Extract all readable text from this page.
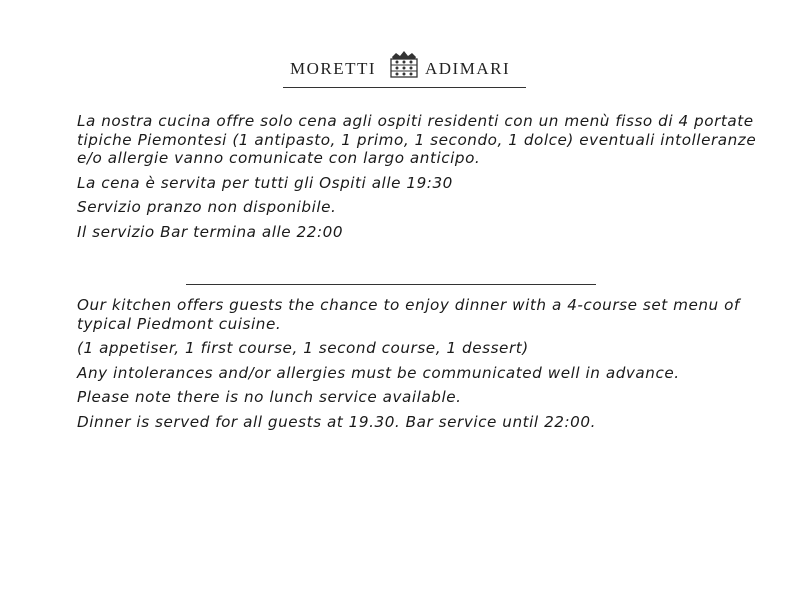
MORETTI	ADIMARI

La nostra cucina offre solo cena agli ospiti residenti con un menù fisso di 4 portate tipiche Piemontesi (1 antipasto, 1 primo, 1 secondo, 1 dolce) eventuali intolleranze e/o allergie vanno comunicate con largo anticipo.

La cena è servita per tutti gli Ospiti alle 19:30

Servizio pranzo non disponibile.

Il servizio Bar termina alle 22:00

Our kitchen offers guests the chance to enjoy dinner with a 4-course set menu of typical Piedmont cuisine.

(1 appetiser, 1 first course, 1 second course, 1 dessert)

Any intolerances and/or allergies must be communicated well in advance.

Please note there is no lunch service available.

Dinner is served for all guests at 19.30. Bar service until 22:00.
